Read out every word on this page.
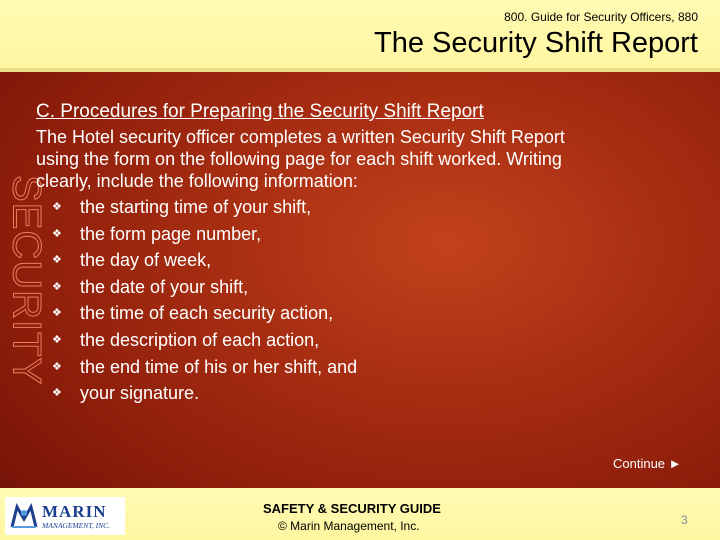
800. Guide for Security Officers, 880
The Security Shift Report
SECURITY
C. Procedures for Preparing the Security Shift Report
The Hotel security officer completes a written Security Shift Report
using the form on the following page for each shift worked. Writing
clearly, include the following information:
❖ the starting time of your shift,
❖ the form page number,
❖ the day of week,
❖ the date of your shift,
❖ the time of each security action,
❖ the description of each action,
❖ the end time of his or her shift, and
❖ your signature.
Continue ►
MARIN
MANAGEMENT, INC.
SAFETY & SECURITY GUIDE
© Marin Management, Inc.	3
